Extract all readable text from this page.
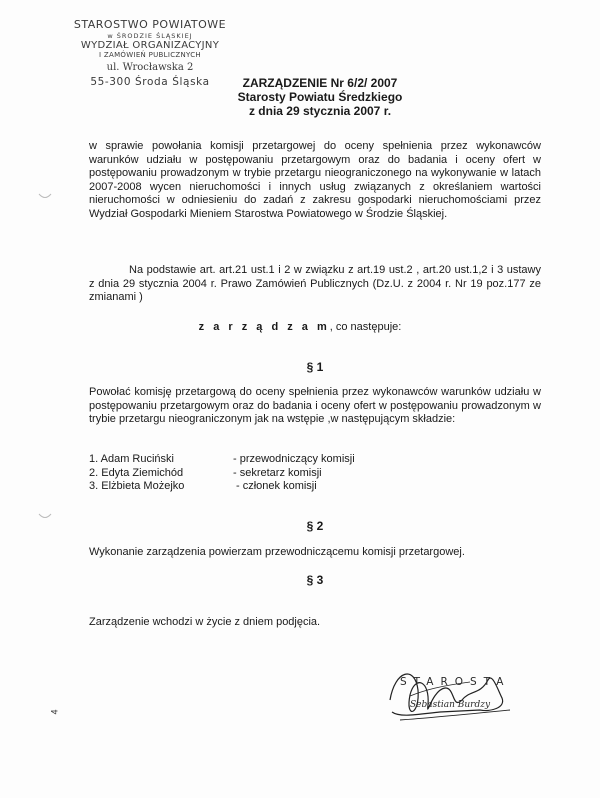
STAROSTWO POWIATOWE
w ŚRODZIE ŚLĄSKIEJ
WYDZIAŁ ORGANIZACYJNY
I ZAMÓWIEŃ PUBLICZNYCH
ul. Wrocławska 2
55-300 Środa Śląska	ZARZĄDZENIE Nr 6/2/ 2007
Starosty Powiatu Średzkiego
z dnia 29 stycznia 2007 r.
w sprawie powołania komisji przetargowej do oceny spełnienia przez wykonawców warunków udziału w postępowaniu przetargowym oraz do badania i oceny ofert w postępowaniu prowadzonym w trybie przetargu nieograniczonego na wykonywanie w latach 2007-2008 wycen nieruchomości i innych usług związanych z określaniem wartości nieruchomości w odniesieniu do zadań z zakresu gospodarki nieruchomościami przez Wydział Gospodarki Mieniem Starostwa Powiatowego w Środzie Śląskiej.
Na podstawie art. art.21 ust.1 i 2 w związku z art.19 ust.2 , art.20 ust.1,2 i 3 ustawy z dnia 29 stycznia 2004 r. Prawo Zamówień Publicznych (Dz.U. z 2004 r. Nr 19 poz.177 ze zmianami )
z a r z ą d z a m, co następuje:
§ 1
Powołać komisję przetargową do oceny spełnienia przez wykonawców warunków udziału w postępowaniu przetargowym oraz do badania i oceny ofert w postępowaniu prowadzonym w trybie przetargu nieograniczonym jak na wstępie ,w następującym składzie:
1. Adam Ruciński	- przewodniczący komisji
2. Edyta Ziemichód	- sekretarz komisji
3. Elżbieta Możejko	- członek komisji
§ 2
Wykonanie zarządzenia powierzam przewodniczącemu komisji przetargowej.
§ 3
Zarządzenie wchodzi w życie z dniem podjęcia.
STAROSTA
Sebastian Burdzy
4
